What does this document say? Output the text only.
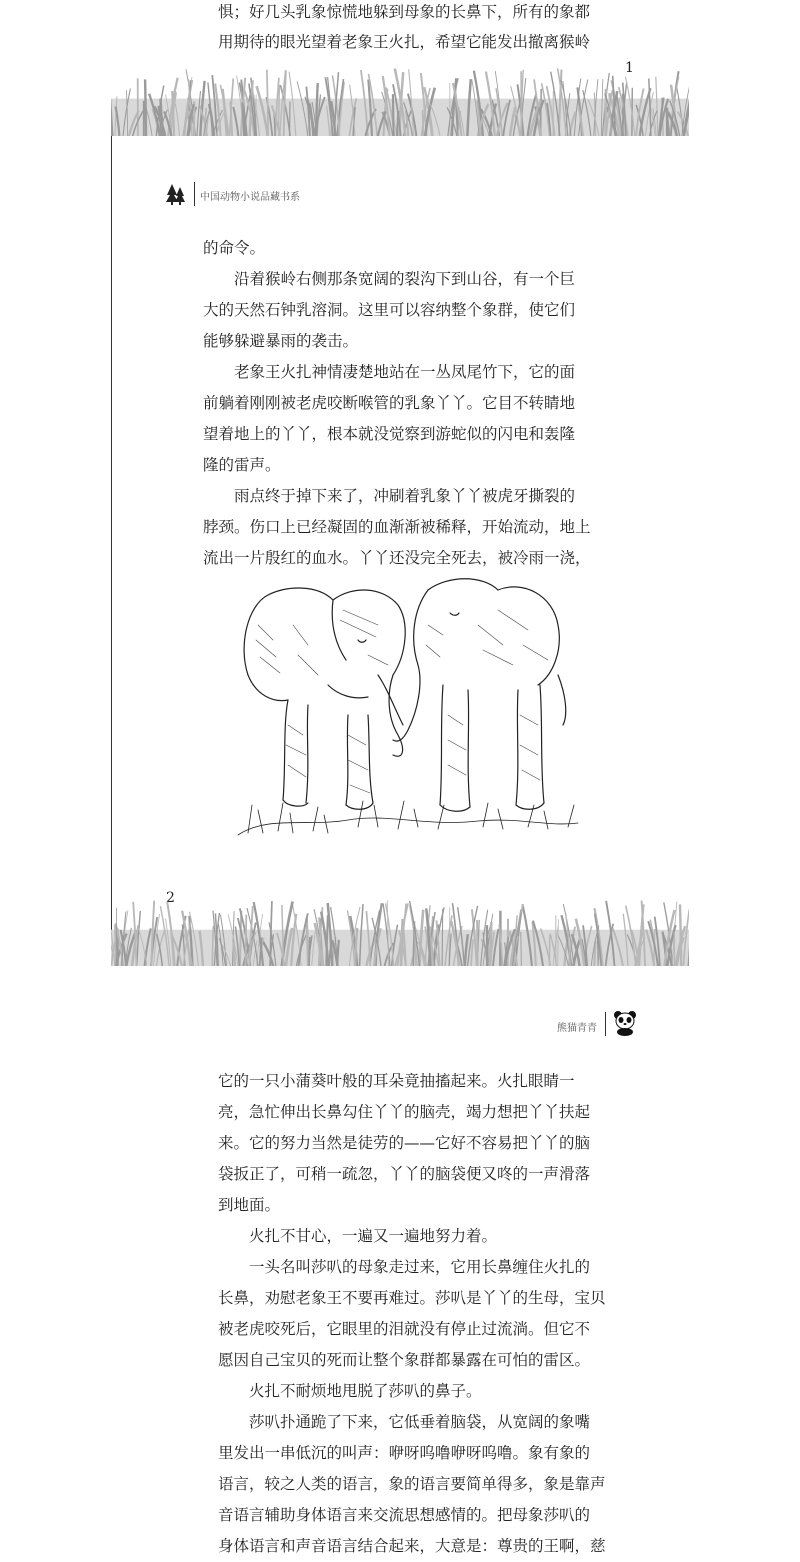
惧；好几头乳象惊慌地躲到母象的长鼻下，所有的象都
用期待的眼光望着老象王火扎，希望它能发出撤离猴岭
1
中国动物小说品藏书系
的命令。
　　沿着猴岭右侧那条宽阔的裂沟下到山谷，有一个巨
大的天然石钟乳溶洞。这里可以容纳整个象群，使它们
能够躲避暴雨的袭击。
　　老象王火扎神情凄楚地站在一丛凤尾竹下，它的面
前躺着刚刚被老虎咬断喉管的乳象丫丫。它目不转睛地
望着地上的丫丫，根本就没觉察到游蛇似的闪电和轰隆
隆的雷声。
　　雨点终于掉下来了，冲刷着乳象丫丫被虎牙撕裂的
脖颈。伤口上已经凝固的血渐渐被稀释，开始流动，地上
流出一片殷红的血水。丫丫还没完全死去，被冷雨一浇，
2
熊猫青青
它的一只小蒲葵叶般的耳朵竟抽搐起来。火扎眼睛一
亮，急忙伸出长鼻勾住丫丫的脑壳，竭力想把丫丫扶起
来。它的努力当然是徒劳的——它好不容易把丫丫的脑
袋扳正了，可稍一疏忽，丫丫的脑袋便又咚的一声滑落
到地面。
　　火扎不甘心，一遍又一遍地努力着。
　　一头名叫莎叭的母象走过来，它用长鼻缠住火扎的
长鼻，劝慰老象王不要再难过。莎叭是丫丫的生母，宝贝
被老虎咬死后，它眼里的泪就没有停止过流淌。但它不
愿因自己宝贝的死而让整个象群都暴露在可怕的雷区。
　　火扎不耐烦地甩脱了莎叭的鼻子。
　　莎叭扑通跪了下来，它低垂着脑袋，从宽阔的象嘴
里发出一串低沉的叫声：咿呀呜噜咿呀呜噜。象有象的
语言，较之人类的语言，象的语言要简单得多，象是靠声
音语言辅助身体语言来交流思想感情的。把母象莎叭的
身体语言和声音语言结合起来，大意是：尊贵的王啊，慈
